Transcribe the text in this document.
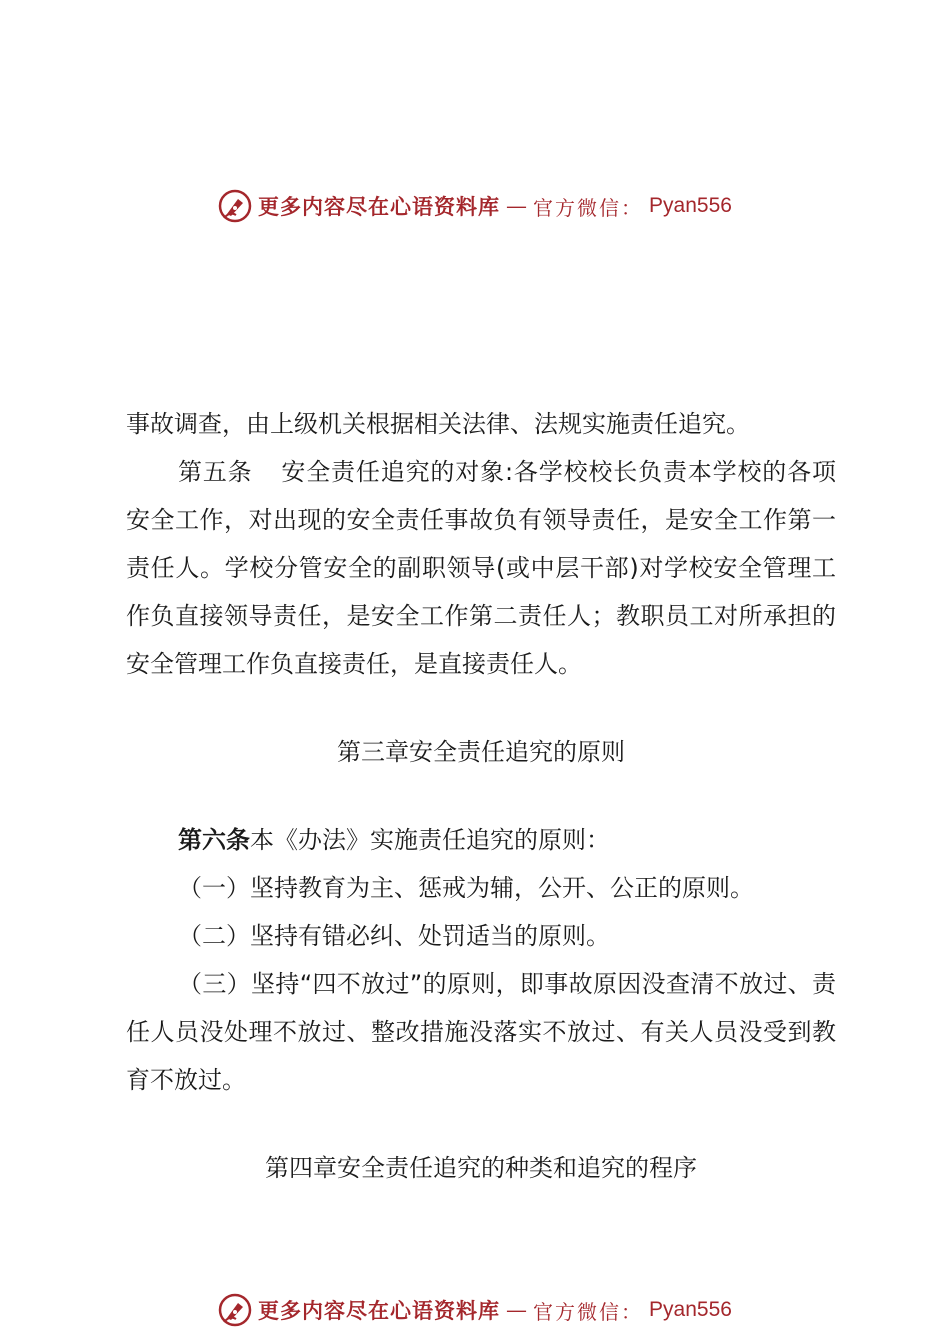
更多内容尽在心语资料库 — 官方微信： Pyan556

事故调查，由上级机关根据相关法律、法规实施责任追究。

第五条 安全责任追究的对象:各学校校长负责本学校的各项安全工作，对出现的安全责任事故负有领导责任，是安全工作第一责任人。学校分管安全的副职领导(或中层干部)对学校安全管理工作负直接领导责任，是安全工作第二责任人；教职员工对所承担的安全管理工作负直接责任，是直接责任人。

第三章安全责任追究的原则

第六条本《办法》实施责任追究的原则：

（一）坚持教育为主、惩戒为辅，公开、公正的原则。

（二）坚持有错必纠、处罚适当的原则。

（三）坚持“四不放过”的原则，即事故原因没查清不放过、责任人员没处理不放过、整改措施没落实不放过、有关人员没受到教育不放过。

第四章安全责任追究的种类和追究的程序

更多内容尽在心语资料库 — 官方微信： Pyan556
